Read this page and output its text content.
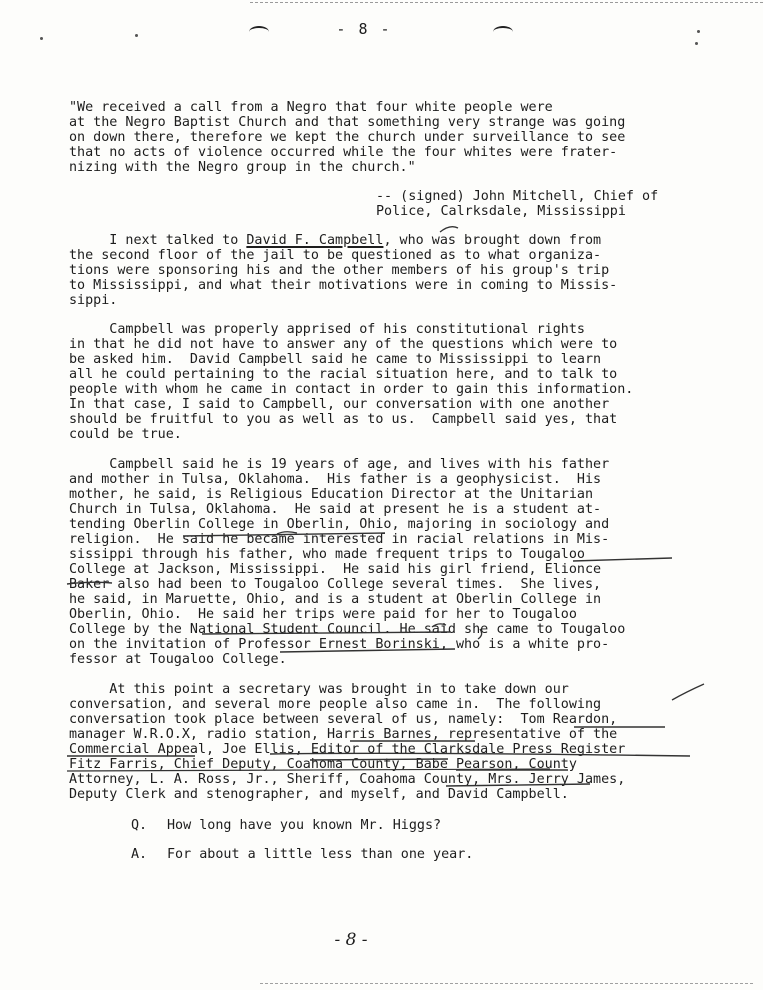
- 8 -
"We received a call from a Negro that four white people were
at the Negro Baptist Church and that something very strange was going
on down there, therefore we kept the church under surveillance to see
that no acts of violence occurred while the four whites were frater-
nizing with the Negro group in the church."
-- (signed) John Mitchell, Chief of
Police, Calrksdale, Mississippi
I next talked to David F. Campbell, who was brought down from
the second floor of the jail to be questioned as to what organiza-
tions were sponsoring his and the other members of his group's trip
to Mississippi, and what their motivations were in coming to Missis-
sippi.
Campbell was properly apprised of his constitutional rights
in that he did not have to answer any of the questions which were to
be asked him.  David Campbell said he came to Mississippi to learn
all he could pertaining to the racial situation here, and to talk to
people with whom he came in contact in order to gain this information.
In that case, I said to Campbell, our conversation with one another
should be fruitful to you as well as to us.  Campbell said yes, that
could be true.
Campbell said he is 19 years of age, and lives with his father
and mother in Tulsa, Oklahoma.  His father is a geophysicist.  His
mother, he said, is Religious Education Director at the Unitarian
Church in Tulsa, Oklahoma.  He said at present he is a student at-
tending Oberlin College in Oberlin, Ohio, majoring in sociology and
religion.  He said he became interested in racial relations in Mis-
sissippi through his father, who made frequent trips to Tougaloo
College at Jackson, Mississippi.  He said his girl friend, Elionce
Baker also had been to Tougaloo College several times.  She lives,
he said, in Maruette, Ohio, and is a student at Oberlin College in
Oberlin, Ohio.  He said her trips were paid for her to Tougaloo
College by the National Student Council. He said she came to Tougaloo
on the invitation of Professor Ernest Borinski, who is a white pro-
fessor at Tougaloo College.
At this point a secretary was brought in to take down our
conversation, and several more people also came in.  The following
conversation took place between several of us, namely:  Tom Reardon,
manager W.R.O.X, radio station, Harris Barnes, representative of the
Commercial Appeal, Joe Ellis, Editor of the Clarksdale Press Register
Fitz Farris, Chief Deputy, Coahoma County, Babe Pearson, County
Attorney, L. A. Ross, Jr., Sheriff, Coahoma County, Mrs. Jerry James,
Deputy Clerk and stenographer, and myself, and David Campbell.
Q. How long have you known Mr. Higgs?
A. For about a little less than one year.
- 8 -
